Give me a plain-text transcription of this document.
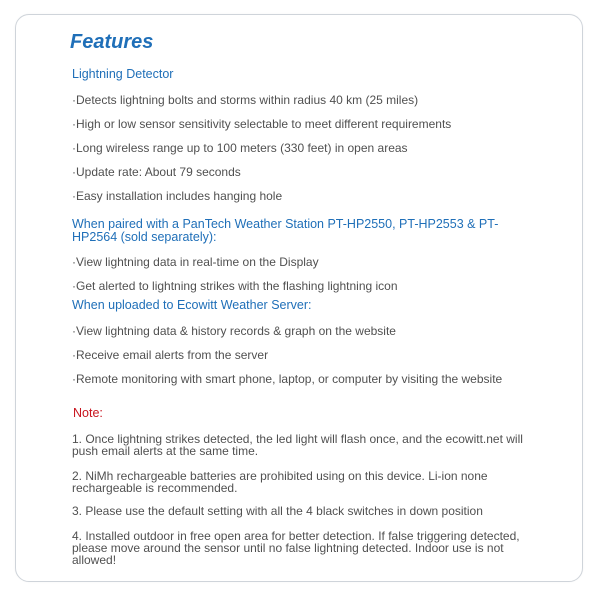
Features

Lightning Detector

·Detects lightning bolts and storms within radius 40 km (25 miles)

·High or low sensor sensitivity selectable to meet different requirements

·Long wireless range up to 100 meters (330 feet) in open areas

·Update rate: About 79 seconds

·Easy installation includes hanging hole

When paired with a PanTech Weather Station PT-HP2550, PT-HP2553 & PT-HP2564 (sold separately):

·View lightning data in real-time on the Display

·Get alerted to lightning strikes with the flashing lightning icon

When uploaded to Ecowitt Weather Server:

·View lightning data & history records & graph on the website

·Receive email alerts from the server

·Remote monitoring with smart phone, laptop, or computer by visiting the website

Note:

1. Once lightning strikes detected, the led light will flash once, and the ecowitt.net will push email alerts at the same time.

2. NiMh rechargeable batteries are prohibited using on this device. Li-ion none rechargeable is recommended.

3. Please use the default setting with all the 4 black switches in down position

4. Installed outdoor in free open area for better detection. If false triggering detected, please move around the sensor until no false lightning detected. Indoor use is not allowed!
